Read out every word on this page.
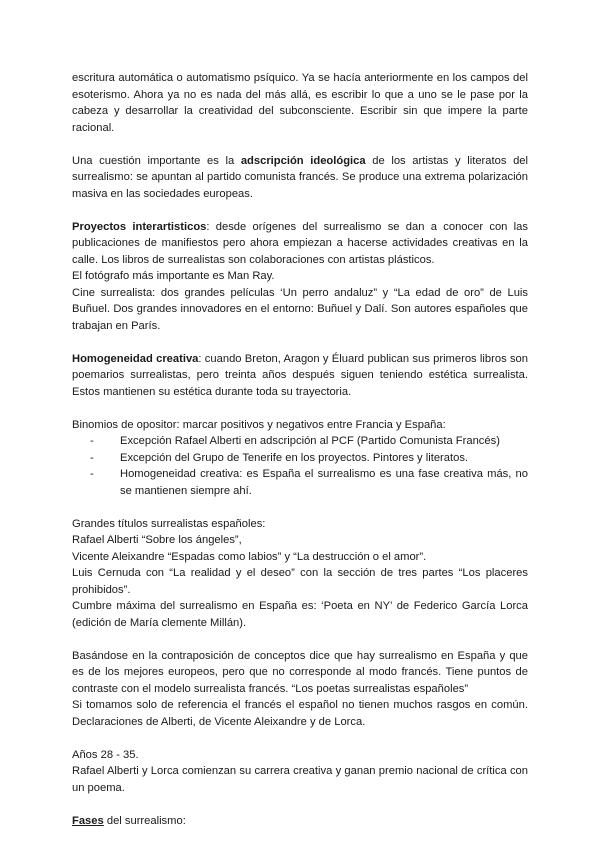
escritura automática o automatismo psíquico. Ya se hacía anteriormente en los campos del esoterismo. Ahora ya no es nada del más allá, es escribir lo que a uno se le pase por la cabeza y desarrollar la creatividad del subconsciente. Escribir sin que impere la parte racional.

Una cuestión importante es la adscripción ideológica de los artistas y literatos del surrealismo: se apuntan al partido comunista francés. Se produce una extrema polarización masiva en las sociedades europeas.

Proyectos interartisticos: desde orígenes del surrealismo se dan a conocer con las publicaciones de manifiestos pero ahora empiezan a hacerse actividades creativas en la calle. Los libros de surrealistas son colaboraciones con artistas plásticos.

El fotógrafo más importante es Man Ray.

Cine surrealista: dos grandes películas ‘Un perro andaluz” y “La edad de oro” de Luis Buñuel. Dos grandes innovadores en el entorno: Buñuel y Dalí. Son autores españoles que trabajan en París.

Homogeneidad creativa: cuando Breton, Aragon y Éluard publican sus primeros libros son poemarios surrealistas, pero treinta años después siguen teniendo estética surrealista. Estos mantienen su estética durante toda su trayectoria.

Binomios de opositor: marcar positivos y negativos entre Francia y España:

- Excepción Rafael Alberti en adscripción al PCF (Partido Comunista Francés)
- Excepción del Grupo de Tenerife en los proyectos. Pintores y literatos.
- Homogeneidad creativa: es España el surrealismo es una fase creativa más, no se mantienen siempre ahí.

Grandes títulos surrealistas españoles:

Rafael Alberti “Sobre los ángeles”,

Vicente Aleixandre “Espadas como labios” y “La destrucción o el amor”.

Luis Cernuda con “La realidad y el deseo” con la sección de tres partes “Los placeres prohibidos”.

Cumbre máxima del surrealismo en España es: ‘Poeta en NY’ de Federico García Lorca (edición de María clemente Millán).

Basándose en la contraposición de conceptos dice que hay surrealismo en España y que es de los mejores europeos, pero que no corresponde al modo francés. Tiene puntos de contraste con el modelo surrealista francés. “Los poetas surrealistas españoles”

Si tomamos solo de referencia el francés el español no tienen muchos rasgos en común. Declaraciones de Alberti, de Vicente Aleixandre y de Lorca.

Años 28 - 35.

Rafael Alberti y Lorca comienzan su carrera creativa y ganan premio nacional de crítica con un poema.

Fases del surrealismo:
